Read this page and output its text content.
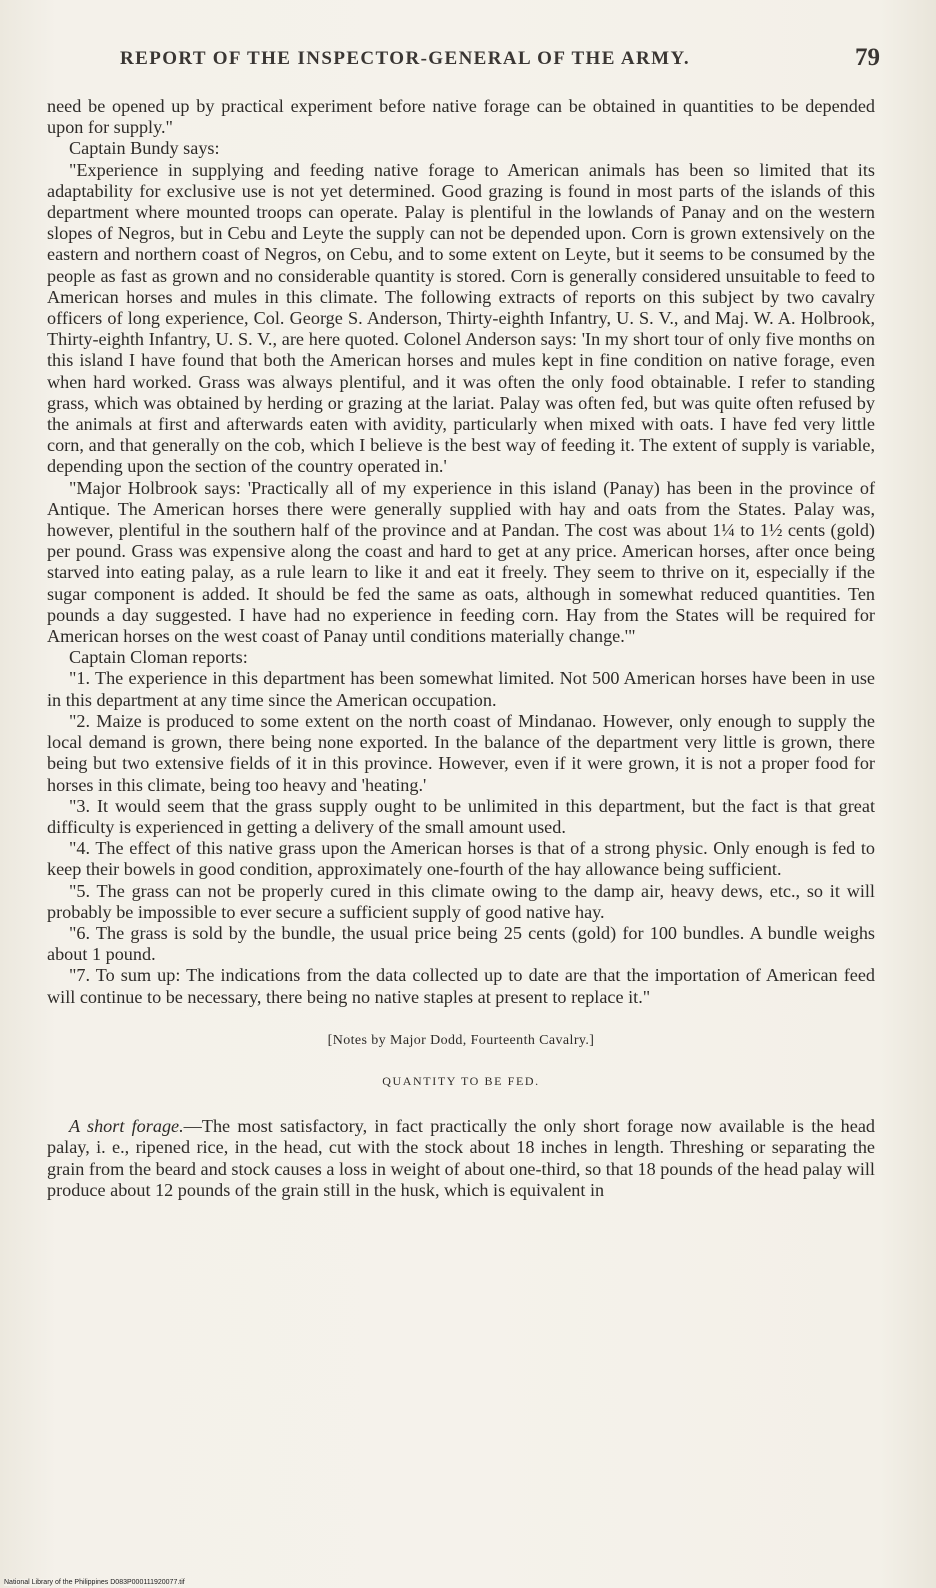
REPORT OF THE INSPECTOR-GENERAL OF THE ARMY.	79

need be opened up by practical experiment before native forage can be obtained in quantities to be depended upon for supply."

Captain Bundy says:

"Experience in supplying and feeding native forage to American animals has been so limited that its adaptability for exclusive use is not yet determined. Good grazing is found in most parts of the islands of this department where mounted troops can operate. Palay is plentiful in the lowlands of Panay and on the western slopes of Negros, but in Cebu and Leyte the supply can not be depended upon. Corn is grown extensively on the eastern and northern coast of Negros, on Cebu, and to some extent on Leyte, but it seems to be consumed by the people as fast as grown and no considerable quantity is stored. Corn is generally considered unsuitable to feed to American horses and mules in this climate. The following extracts of reports on this subject by two cavalry officers of long experience, Col. George S. Anderson, Thirty-eighth Infantry, U. S. V., and Maj. W. A. Holbrook, Thirty-eighth Infantry, U. S. V., are here quoted. Colonel Anderson says: 'In my short tour of only five months on this island I have found that both the American horses and mules kept in fine condition on native forage, even when hard worked. Grass was always plentiful, and it was often the only food obtainable. I refer to standing grass, which was obtained by herding or grazing at the lariat. Palay was often fed, but was quite often refused by the animals at first and afterwards eaten with avidity, particularly when mixed with oats. I have fed very little corn, and that generally on the cob, which I believe is the best way of feeding it. The extent of supply is variable, depending upon the section of the country operated in.'

"Major Holbrook says: 'Practically all of my experience in this island (Panay) has been in the province of Antique. The American horses there were generally supplied with hay and oats from the States. Palay was, however, plentiful in the southern half of the province and at Pandan. The cost was about 1¼ to 1½ cents (gold) per pound. Grass was expensive along the coast and hard to get at any price. American horses, after once being starved into eating palay, as a rule learn to like it and eat it freely. They seem to thrive on it, especially if the sugar component is added. It should be fed the same as oats, although in somewhat reduced quantities. Ten pounds a day suggested. I have had no experience in feeding corn. Hay from the States will be required for American horses on the west coast of Panay until conditions materially change.'"

Captain Cloman reports:

"1. The experience in this department has been somewhat limited. Not 500 American horses have been in use in this department at any time since the American occupation.

"2. Maize is produced to some extent on the north coast of Mindanao. However, only enough to supply the local demand is grown, there being none exported. In the balance of the department very little is grown, there being but two extensive fields of it in this province. However, even if it were grown, it is not a proper food for horses in this climate, being too heavy and 'heating.'

"3. It would seem that the grass supply ought to be unlimited in this department, but the fact is that great difficulty is experienced in getting a delivery of the small amount used.

"4. The effect of this native grass upon the American horses is that of a strong physic. Only enough is fed to keep their bowels in good condition, approximately one-fourth of the hay allowance being sufficient.

"5. The grass can not be properly cured in this climate owing to the damp air, heavy dews, etc., so it will probably be impossible to ever secure a sufficient supply of good native hay.

"6. The grass is sold by the bundle, the usual price being 25 cents (gold) for 100 bundles. A bundle weighs about 1 pound.

"7. To sum up: The indications from the data collected up to date are that the importation of American feed will continue to be necessary, there being no native staples at present to replace it."

[Notes by Major Dodd, Fourteenth Cavalry.]

QUANTITY TO BE FED.

A short forage.—The most satisfactory, in fact practically the only short forage now available is the head palay, i. e., ripened rice, in the head, cut with the stock about 18 inches in length. Threshing or separating the grain from the beard and stock causes a loss in weight of about one-third, so that 18 pounds of the head palay will produce about 12 pounds of the grain still in the husk, which is equivalent in

National Library of the Philippines D083P000111920077.tif
